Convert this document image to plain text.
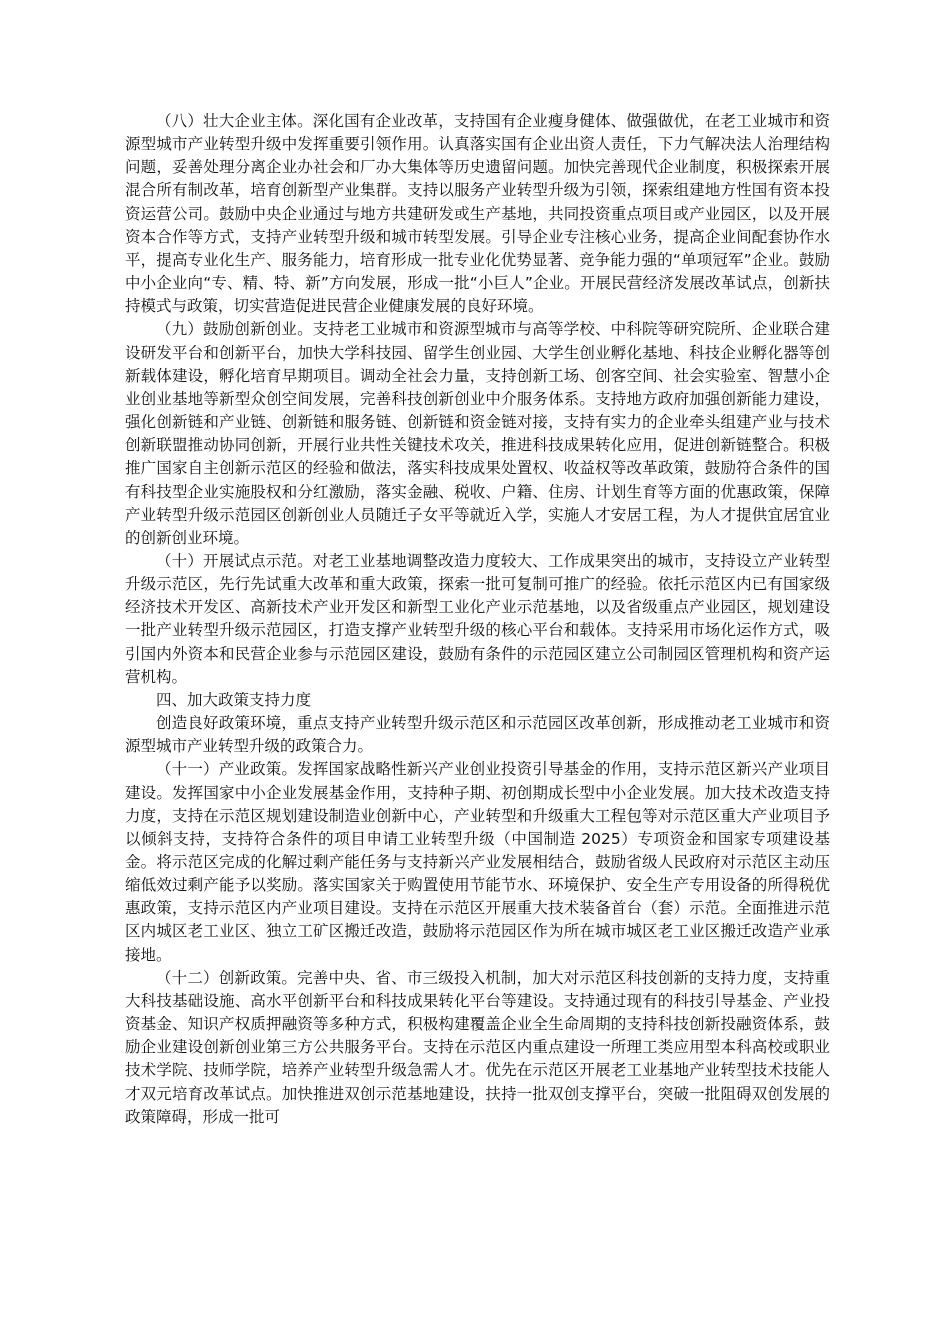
（八）壮大企业主体。深化国有企业改革，支持国有企业瘦身健体、做强做优，在老工业城市和资源型城市产业转型升级中发挥重要引领作用。认真落实国有企业出资人责任，下力气解决法人治理结构问题，妥善处理分离企业办社会和厂办大集体等历史遗留问题。加快完善现代企业制度，积极探索开展混合所有制改革，培育创新型产业集群。支持以服务产业转型升级为引领，探索组建地方性国有资本投资运营公司。鼓励中央企业通过与地方共建研发或生产基地，共同投资重点项目或产业园区，以及开展资本合作等方式，支持产业转型升级和城市转型发展。引导企业专注核心业务，提高企业间配套协作水平，提高专业化生产、服务能力，培育形成一批专业化优势显著、竞争能力强的“单项冠军”企业。鼓励中小企业向“专、精、特、新”方向发展，形成一批“小巨人”企业。开展民营经济发展改革试点，创新扶持模式与政策，切实营造促进民营企业健康发展的良好环境。

（九）鼓励创新创业。支持老工业城市和资源型城市与高等学校、中科院等研究院所、企业联合建设研发平台和创新平台，加快大学科技园、留学生创业园、大学生创业孵化基地、科技企业孵化器等创新载体建设，孵化培育早期项目。调动全社会力量，支持创新工场、创客空间、社会实验室、智慧小企业创业基地等新型众创空间发展，完善科技创新创业中介服务体系。支持地方政府加强创新能力建设，强化创新链和产业链、创新链和服务链、创新链和资金链对接，支持有实力的企业牵头组建产业与技术创新联盟推动协同创新，开展行业共性关键技术攻关，推进科技成果转化应用，促进创新链整合。积极推广国家自主创新示范区的经验和做法，落实科技成果处置权、收益权等改革政策，鼓励符合条件的国有科技型企业实施股权和分红激励，落实金融、税收、户籍、住房、计划生育等方面的优惠政策，保障产业转型升级示范园区创新创业人员随迁子女平等就近入学，实施人才安居工程，为人才提供宜居宜业的创新创业环境。

（十）开展试点示范。对老工业基地调整改造力度较大、工作成果突出的城市，支持设立产业转型升级示范区，先行先试重大改革和重大政策，探索一批可复制可推广的经验。依托示范区内已有国家级经济技术开发区、高新技术产业开发区和新型工业化产业示范基地，以及省级重点产业园区，规划建设一批产业转型升级示范园区，打造支撑产业转型升级的核心平台和载体。支持采用市场化运作方式，吸引国内外资本和民营企业参与示范园区建设，鼓励有条件的示范园区建立公司制园区管理机构和资产运营机构。

四、加大政策支持力度

创造良好政策环境，重点支持产业转型升级示范区和示范园区改革创新，形成推动老工业城市和资源型城市产业转型升级的政策合力。

（十一）产业政策。发挥国家战略性新兴产业创业投资引导基金的作用，支持示范区新兴产业项目建设。发挥国家中小企业发展基金作用，支持种子期、初创期成长型中小企业发展。加大技术改造支持力度，支持在示范区规划建设制造业创新中心，产业转型和升级重大工程包等对示范区重大产业项目予以倾斜支持，支持符合条件的项目申请工业转型升级（中国制造 2025）专项资金和国家专项建设基金。将示范区完成的化解过剩产能任务与支持新兴产业发展相结合，鼓励省级人民政府对示范区主动压缩低效过剩产能予以奖励。落实国家关于购置使用节能节水、环境保护、安全生产专用设备的所得税优惠政策，支持示范区内产业项目建设。支持在示范区开展重大技术装备首台（套）示范。全面推进示范区内城区老工业区、独立工矿区搬迁改造，鼓励将示范园区作为所在城市城区老工业区搬迁改造产业承接地。

（十二）创新政策。完善中央、省、市三级投入机制，加大对示范区科技创新的支持力度，支持重大科技基础设施、高水平创新平台和科技成果转化平台等建设。支持通过现有的科技引导基金、产业投资基金、知识产权质押融资等多种方式，积极构建覆盖企业全生命周期的支持科技创新投融资体系，鼓励企业建设创新创业第三方公共服务平台。支持在示范区内重点建设一所理工类应用型本科高校或职业技术学院、技师学院，培养产业转型升级急需人才。优先在示范区开展老工业基地产业转型技术技能人才双元培育改革试点。加快推进双创示范基地建设，扶持一批双创支撑平台，突破一批阻碍双创发展的政策障碍，形成一批可
